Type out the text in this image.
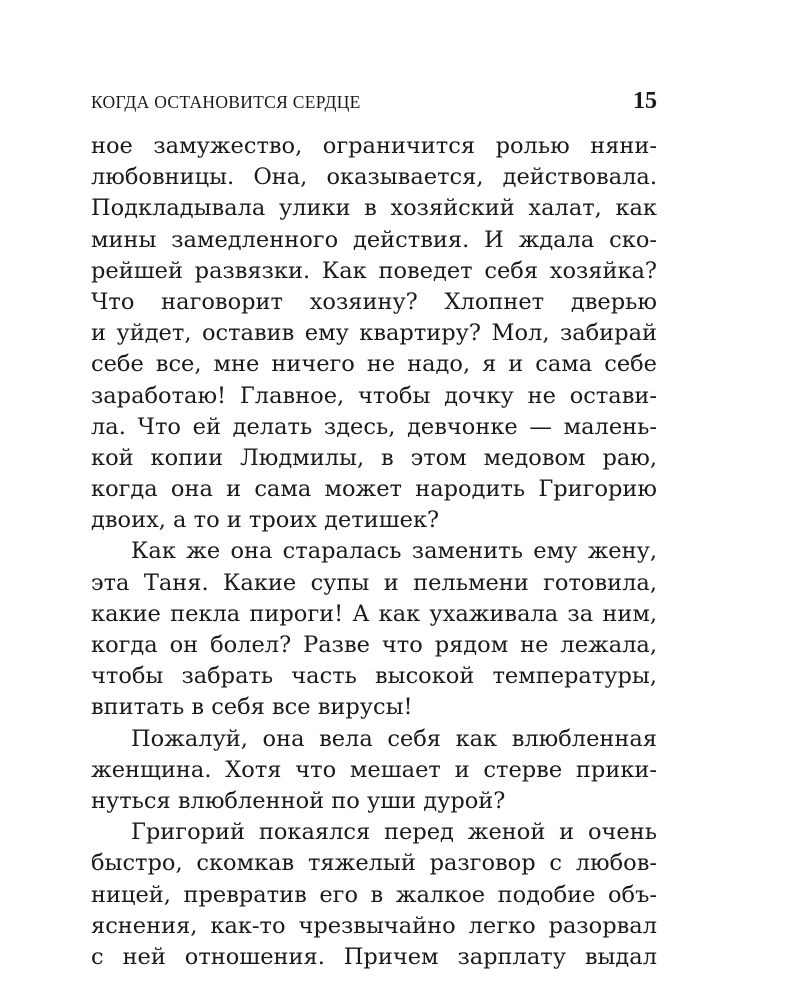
КОГДА ОСТАНОВИТСЯ СЕРДЦЕ	15
ное замужество, ограничится ролью няни-
любовницы. Она, оказывается, действовала.
Подкладывала улики в хозяйский халат, как
мины замедленного действия. И ждала ско-
рейшей развязки. Как поведет себя хозяйка?
Что наговорит хозяину? Хлопнет дверью
и уйдет, оставив ему квартиру? Мол, забирай
себе все, мне ничего не надо, я и сама себе
заработаю! Главное, чтобы дочку не остави-
ла. Что ей делать здесь, девчонке — малень-
кой копии Людмилы, в этом медовом раю,
когда она и сама может народить Григорию
двоих, а то и троих детишек?
Как же она старалась заменить ему жену,
эта Таня. Какие супы и пельмени готовила,
какие пекла пироги! А как ухаживала за ним,
когда он болел? Разве что рядом не лежала,
чтобы забрать часть высокой температуры,
впитать в себя все вирусы!
Пожалуй, она вела себя как влюбленная
женщина. Хотя что мешает и стерве прики-
нуться влюбленной по уши дурой?
Григорий покаялся перед женой и очень
быстро, скомкав тяжелый разговор с любов-
ницей, превратив его в жалкое подобие объ-
яснения, как-то чрезвычайно легко разорвал
с ней отношения. Причем зарплату выдал
